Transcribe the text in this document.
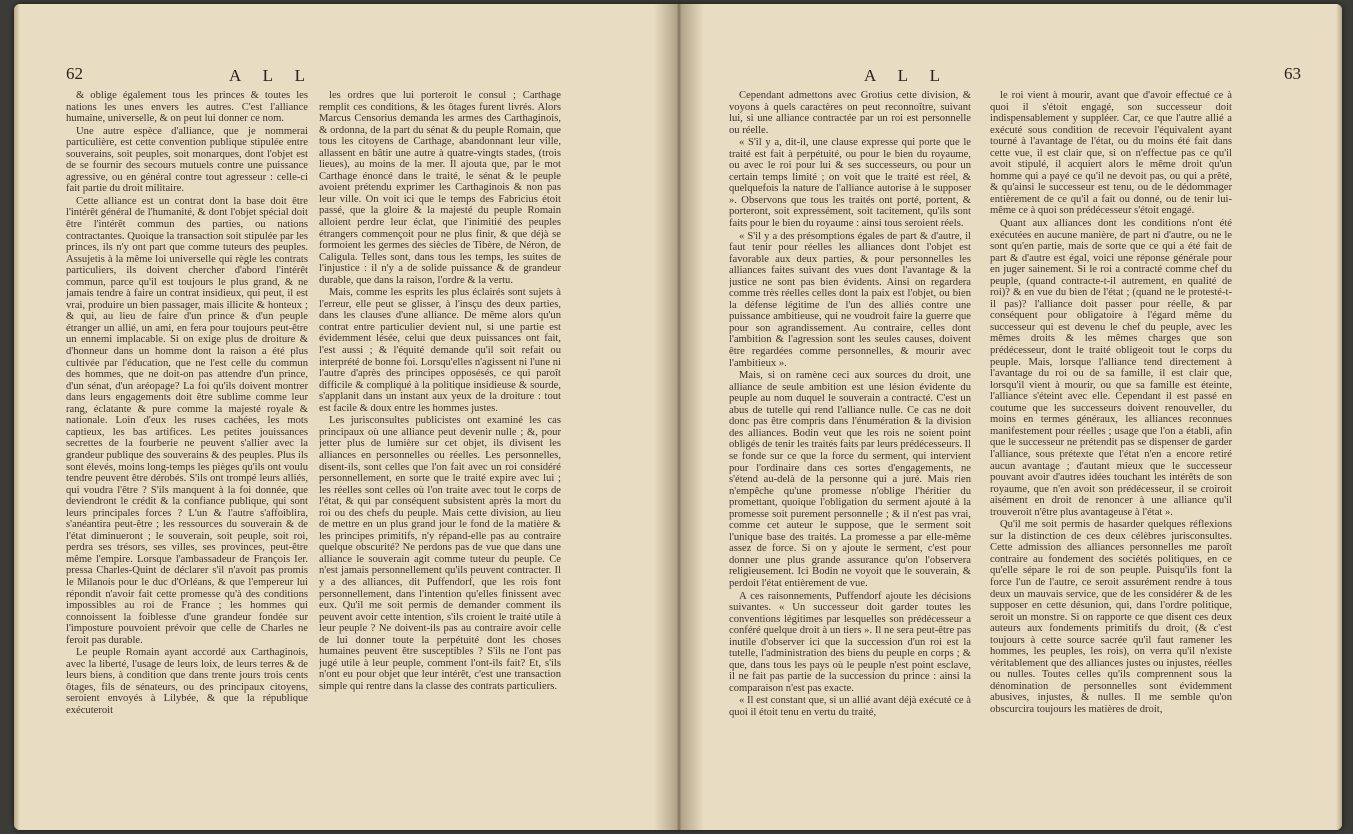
62	A L L

& oblige également tous les princes & toutes les nations les unes envers les autres. C'est l'alliance humaine, universelle, & on peut lui donner ce nom.

Une autre espèce d'alliance, que je nommerai particulière, est cette convention publique stipulée entre souverains, soit peuples, soit monarques, dont l'objet est de se fournir des secours mutuels contre une puissance agressive, ou en général contre tout agresseur : celle-ci fait partie du droit militaire.

Cette alliance est un contrat dont la base doit être l'intérêt général de l'humanité, & dont l'objet spécial doit être l'intérêt commun des parties, ou nations contractantes. Quoique la transaction soit stipulée par les princes, ils n'y ont part que comme tuteurs des peuples. Assujetis à la même loi universelle qui règle les contrats particuliers, ils doivent chercher d'abord l'intérêt commun, parce qu'il est toujours le plus grand, & ne jamais tendre à faire un contrat insidieux, qui peut, il est vrai, produire un bien passager, mais illicite & honteux ; & qui, au lieu de faire d'un prince & d'un peuple étranger un allié, un ami, en fera pour toujours peut-être un ennemi implacable. Si on exige plus de droiture & d'honneur dans un homme dont la raison a été plus cultivée par l'éducation, que ne l'est celle du commun des hommes, que ne doit-on pas attendre d'un prince, d'un sénat, d'un aréopage? La foi qu'ils doivent montrer dans leurs engagements doit être sublime comme leur rang, éclatante & pure comme la majesté royale & nationale. Loin d'eux les ruses cachées, les mots captieux, les bas artifices. Les petites jouissances secrettes de la fourberie ne peuvent s'allier avec la grandeur publique des souverains & des peuples. Plus ils sont élevés, moins long-temps les pièges qu'ils ont voulu tendre peuvent être dérobés. S'ils ont trompé leurs alliés, qui voudra l'être ? S'ils manquent à la foi donnée, que deviendront le crédit & la confiance publique, qui sont leurs principales forces ? L'un & l'autre s'affoiblira, s'anéantira peut-être ; les ressources du souverain & de l'état diminueront ; le souverain, soit peuple, soit roi, perdra ses trésors, ses villes, ses provinces, peut-être même l'empire. Lorsque l'ambassadeur de François Ier. pressa Charles-Quint de déclarer s'il n'avoit pas promis le Milanois pour le duc d'Orléans, & que l'empereur lui répondit n'avoir fait cette promesse qu'à des conditions impossibles au roi de France ; les hommes qui connoissent la foiblesse d'une grandeur fondée sur l'imposture pouvoient prévoir que celle de Charles ne feroit pas durable.

Le peuple Romain ayant accordé aux Carthaginois, avec la liberté, l'usage de leurs loix, de leurs terres & de leurs biens, à condition que dans trente jours trois cents ôtages, fils de sénateurs, ou des principaux citoyens, seroient envoyés à Lilybée, & que la république exécuteroit

les ordres que lui porteroit le consul ; Carthage remplit ces conditions, & les ôtages furent livrés. Alors Marcus Censorius demanda les armes des Carthaginois, & ordonna, de la part du sénat & du peuple Romain, que tous les citoyens de Carthage, abandonnant leur ville, allassent en bâtir une autre à quatre-vingts stades, (trois lieues), au moins de la mer. Il ajouta que, par le mot Carthage énoncé dans le traité, le sénat & le peuple avoient prétendu exprimer les Carthaginois & non pas leur ville. On voit ici que le temps des Fabricius étoit passé, que la gloire & la majesté du peuple Romain alloient perdre leur éclat, que l'inimitié des peuples étrangers commençoit pour ne plus finir, & que déjà se formoient les germes des siècles de Tibère, de Néron, de Caligula. Telles sont, dans tous les temps, les suites de l'injustice : il n'y a de solide puissance & de grandeur durable, que dans la raison, l'ordre & la vertu.

Mais, comme les esprits les plus éclairés sont sujets à l'erreur, elle peut se glisser, à l'insçu des deux parties, dans les clauses d'une alliance. De même alors qu'un contrat entre particulier devient nul, si une partie est évidemment lésée, celui que deux puissances ont fait, l'est aussi ; & l'équité demande qu'il soit refait ou interprété de bonne foi. Lorsqu'elles n'agissent ni l'une ni l'autre d'après des principes opposésés, ce qui paroît difficile & compliqué à la politique insidieuse & sourde, s'applanit dans un instant aux yeux de la droiture : tout est facile & doux entre les hommes justes.

Les jurisconsultes publicistes ont examiné les cas principaux où une alliance peut devenir nulle ; &, pour jetter plus de lumière sur cet objet, ils divisent les alliances en personnelles ou réelles. Les personnelles, disent-ils, sont celles que l'on fait avec un roi considéré personnellement, en sorte que le traité expire avec lui ; les réelles sont celles où l'on traite avec tout le corps de l'état, & qui par conséquent subsistent après la mort du roi ou des chefs du peuple. Mais cette division, au lieu de mettre en un plus grand jour le fond de la matière & les principes primitifs, n'y répand-elle pas au contraire quelque obscurité? Ne perdons pas de vue que dans une alliance le souverain agit comme tuteur du peuple. Ce n'est jamais personnellement qu'ils peuvent contracter. Il y a des alliances, dit Puffendorf, que les rois font personnellement, dans l'intention qu'elles finissent avec eux. Qu'il me soit permis de demander comment ils peuvent avoir cette intention, s'ils croient le traité utile à leur peuple ? Ne doivent-ils pas au contraire avoir celle de lui donner toute la perpétuité dont les choses humaines peuvent être susceptibles ? S'ils ne l'ont pas jugé utile à leur peuple, comment l'ont-ils fait? Et, s'ils n'ont eu pour objet que leur intérêt, c'est une transaction simple qui rentre dans la classe des contrats particuliers.

A L L	63

Cependant admettons avec Grotius cette division, & voyons à quels caractères on peut reconnoître, suivant lui, si une alliance contractée par un roi est personnelle ou réelle.

« S'il y a, dit-il, une clause expresse qui porte que le traité est fait à perpétuité, ou pour le bien du royaume, ou avec le roi pour lui & ses successeurs, ou pour un certain temps limité ; on voit que le traité est réel, & quelquefois la nature de l'alliance autorise à le supposer ». Observons que tous les traités ont porté, portent, & porteront, soit expressément, soit tacitement, qu'ils sont faits pour le bien du royaume : ainsi tous seroient réels.

« S'il y a des présomptions égales de part & d'autre, il faut tenir pour réelles les alliances dont l'objet est favorable aux deux parties, & pour personnelles les alliances faites suivant des vues dont l'avantage & la justice ne sont pas bien évidents. Ainsi on regardera comme très réelles celles dont la paix est l'objet, ou bien la défense légitime de l'un des alliés contre une puissance ambitieuse, qui ne voudroit faire la guerre que pour son agrandissement. Au contraire, celles dont l'ambition & l'agression sont les seules causes, doivent être regardées comme personnelles, & mourir avec l'ambitieux ».

Mais, si on ramène ceci aux sources du droit, une alliance de seule ambition est une lésion évidente du peuple au nom duquel le souverain a contracté. C'est un abus de tutelle qui rend l'alliance nulle. Ce cas ne doit donc pas être compris dans l'énumération & la division des alliances. Bodin veut que les rois ne soient point obligés de tenir les traités faits par leurs prédécesseurs. Il se fonde sur ce que la force du serment, qui intervient pour l'ordinaire dans ces sortes d'engagements, ne s'étend au-delà de la personne qui a juré. Mais rien n'empêche qu'une promesse n'oblige l'héritier du promettant, quoique l'obligation du serment ajouté à la promesse soit purement personnelle ; & il n'est pas vrai, comme cet auteur le suppose, que le serment soit l'unique base des traités. La promesse a par elle-même assez de force. Si on y ajoute le serment, c'est pour donner une plus grande assurance qu'on l'observera religieusement. Ici Bodin ne voyoit que le souverain, & perdoit l'état entièrement de vue.

A ces raisonnements, Puffendorf ajoute les décisions suivantes. « Un successeur doit garder toutes les conventions légitimes par lesquelles son prédécesseur a conféré quelque droit à un tiers ». Il ne sera peut-être pas inutile d'observer ici que la succession d'un roi est la tutelle, l'administration des biens du peuple en corps ; & que, dans tous les pays où le peuple n'est point esclave, il ne fait pas partie de la succession du prince : ainsi la comparaison n'est pas exacte.

« Il est constant que, si un allié avant déjà exécuté ce à quoi il étoit tenu en vertu du traité,

le roi vient à mourir, avant que d'avoir effectué ce à quoi il s'étoit engagé, son successeur doit indispensablement y suppléer. Car, ce que l'autre allié a exécuté sous condition de recevoir l'équivalent ayant tourné à l'avantage de l'état, ou du moins été fait dans cette vue, il est clair que, si on n'effectue pas ce qu'il avoit stipulé, il acquiert alors le même droit qu'un homme qui a payé ce qu'il ne devoit pas, ou qui a prêté, & qu'ainsi le successeur est tenu, ou de le dédommager entièrement de ce qu'il a fait ou donné, ou de tenir lui-même ce à quoi son prédécesseur s'étoit engagé.

Quant aux alliances dont les conditions n'ont été exécutées en aucune manière, de part ni d'autre, ou ne le sont qu'en partie, mais de sorte que ce qui a été fait de part & d'autre est égal, voici une réponse générale pour en juger sainement. Si le roi a contracté comme chef du peuple, (quand contracte-t-il autrement, en qualité de roi)? & en vue du bien de l'état ; (quand ne le protesté-t-il pas)? l'alliance doit passer pour réelle, & par conséquent pour obligatoire à l'égard même du successeur qui est devenu le chef du peuple, avec les mêmes droits & les mêmes charges que son prédécesseur, dont le traité obligeoit tout le corps du peuple. Mais, lorsque l'alliance tend directement à l'avantage du roi ou de sa famille, il est clair que, lorsqu'il vient à mourir, ou que sa famille est éteinte, l'alliance s'éteint avec elle. Cependant il est passé en coutume que les successeurs doivent renouveller, du moins en termes généraux, les alliances reconnues manifestement pour réelles ; usage que l'on a établi, afin que le successeur ne prétendit pas se dispenser de garder l'alliance, sous prétexte que l'état n'en a encore retiré aucun avantage ; d'autant mieux que le successeur pouvant avoir d'autres idées touchant les intérêts de son royaume, que n'en avoit son prédécesseur, il se croiroit aisément en droit de renoncer à une alliance qu'il trouveroit n'être plus avantageuse à l'état ».

Qu'il me soit permis de hasarder quelques réflexions sur la distinction de ces deux célèbres jurisconsultes. Cette admission des alliances personnelles me paroît contraire au fondement des sociétés politiques, en ce qu'elle sépare le roi de son peuple. Puisqu'ils font la force l'un de l'autre, ce seroit assurément rendre à tous deux un mauvais service, que de les considérer & de les supposer en cette désunion, qui, dans l'ordre politique, seroit un monstre. Si on rapporte ce que disent ces deux auteurs aux fondements primitifs du droit, (& c'est toujours à cette source sacrée qu'il faut ramener les hommes, les peuples, les rois), on verra qu'il n'existe véritablement que des alliances justes ou injustes, réelles ou nulles. Toutes celles qu'ils comprennent sous la dénomination de personnelles sont évidemment abusives, injustes, & nulles. Il me semble qu'on obscurcira toujours les matières de droit,
